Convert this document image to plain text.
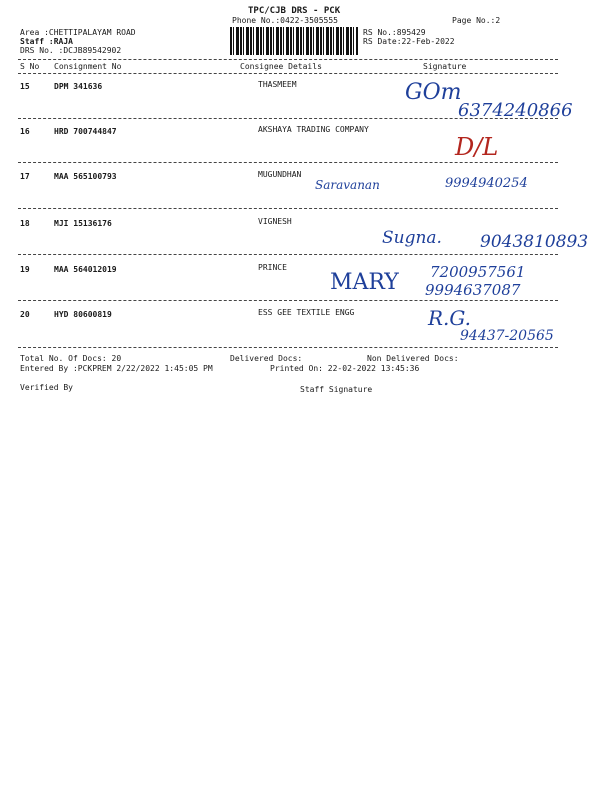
TPC/CJB DRS - PCK
Phone No.:0422-3505555	Page No.:2
Area :CHETTIPALAYAM ROAD
Staff :RAJA
DRS No. :DCJB89542902
RS No.:895429
RS Date:22-Feb-2022
S No Consignment No	Consignee Details	Signature
15	DPM 341636	THASMEEM	GOm
6374240866
16	HRD 700744847	AKSHAYA TRADING COMPANY
D/L
17	MAA 565100793	MUGUNDHAN
Saravanan	9994940254
18	MJI 15136176	VIGNESH
Sugna. 9043810893
19	MAA 564012019	PRINCE
MARY 7200957561
9994637087
20	HYD 80600819	ESS GEE TEXTILE ENGG	R.G.
94437-20565
Total No. Of Docs: 20	Delivered Docs:	Non Delivered Docs:
Entered By :PCKPREM 2/22/2022 1:45:05 PM	Printed On: 22-02-2022 13:45:36
Verified By	Staff Signature
